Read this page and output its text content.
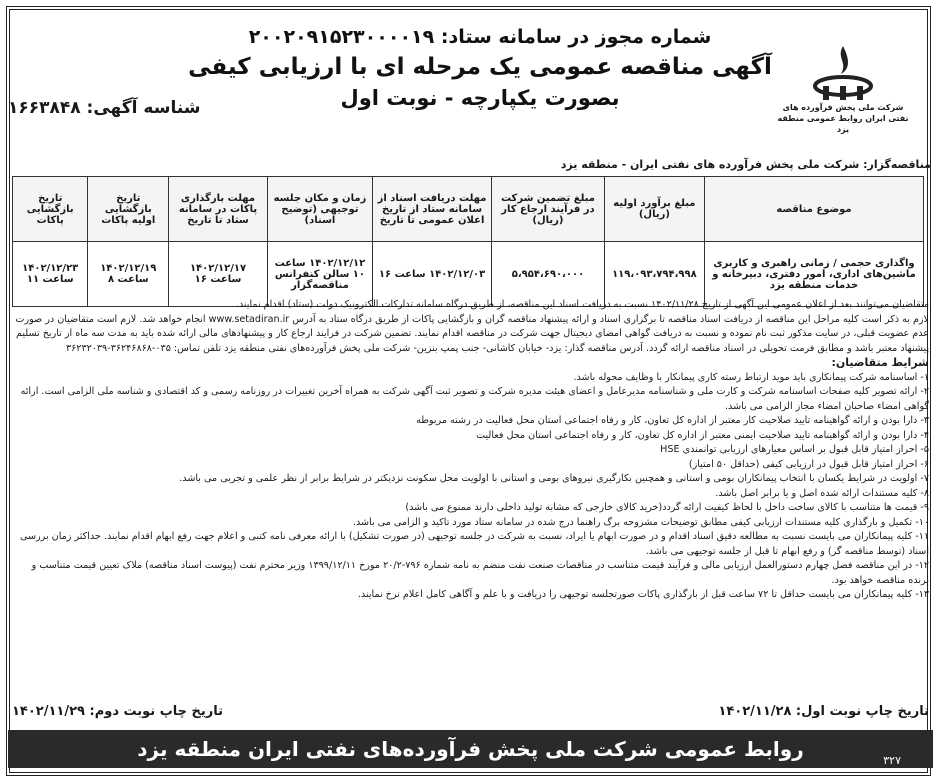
شماره مجوز در سامانه ستاد: ۲۰۰۲۰۹۱۵۲۳۰۰۰۰۱۹
آگهی مناقصه عمومی یک مرحله ای با ارزیابی کیفی
بصورت یکپارچه - نوبت اول
شناسه آگهی: ۱۶۶۳۸۴۸	شرکت ملی پخش فرآورده های نفتی ایران روابط عمومی منطقه یزد
مناقصه‌گزار: شرکت ملی پخش فرآورده های نفتی ایران - منطقه یزد
موضوع مناقصه	مبلغ برآورد اولیه (ریال)	مبلغ تضمین شرکت در فرآیند ارجاع کار (ریال)	مهلت دریافت اسناد از سامانه ستاد از تاریخ اعلان عمومی تا تاریخ	زمان و مکان جلسه توجیهی (توضیح اسناد)	مهلت بارگذاری پاکات در سامانه ستاد تا تاریخ	تاریخ بازگشایی اولیه پاکات	تاریخ بازگشایی پاکات
واگذاری حجمی / زمانی راهبری و کاربری ماشین‌های اداری، امور دفتری، دبیرخانه و خدمات منطقه یزد	۱۱۹،۰۹۳،۷۹۴،۹۹۸	۵،۹۵۴،۶۹۰،۰۰۰	۱۴۰۲/۱۲/۰۳ ساعت ۱۶	۱۴۰۲/۱۲/۱۲ ساعت ۱۰ سالن کنفرانس مناقصه‌گزار	۱۴۰۲/۱۲/۱۷ ساعت ۱۶	۱۴۰۲/۱۲/۱۹ ساعت ۸	۱۴۰۲/۱۲/۲۳ ساعت ۱۱

متقاضیان می‌توانند بعد از اعلان عمومی این آگهی از تاریخ ۱۴۰۲/۱۱/۲۸ نسبت به دریافت اسناد این مناقصه، از طریق درگاه سامانه تدارکات الکترونیک دولت (ستاد) اقدام نمایند.

لازم به ذکر است کلیه مراحل این مناقصه از دریافت اسناد مناقصه تا برگزاری اسناد و ارائه پیشنهاد مناقصه گران و بازگشایی پاکات از طریق درگاه ستاد به آدرس www.setadiran.ir انجام خواهد شد. لازم است متقاضیان در صورت عدم عضویت قبلی، در سایت مذکور ثبت نام نموده و نسبت به دریافت گواهی امضای دیجیتال جهت شرکت در مناقصه اقدام نمایند. تضمین شرکت در فرایند ارجاع کار و پیشنهادهای مالی ارائه شده باید به مدت سه ماه از تاریخ تسلیم پیشنهاد معتبر باشد و مطابق فرمت تحویلی در اسناد مناقصه ارائه گردد. آدرس مناقصه گذار: یزد- خیابان کاشانی- جنب پمپ بنزین- شرکت ملی پخش فرآورده‌های نفتی منطقه یزد تلفن تماس: ۰۳۵-۳۶۲۴۶۸۶۸-۳۶۲۳۲۰۳۹

شرایط متقاضیان:

۱- اساسنامه شرکت پیمانکاری باید موید ارتباط رسته کاری پیمانکار با وظایف محوله باشد.

۲- ارائه تصویر کلیه صفحات اساسنامه شرکت و کارت ملی و شناسنامه مدیرعامل و اعضای هیئت مدیره شرکت و تصویر ثبت آگهی شرکت به همراه آخرین تغییرات در روزنامه رسمی و کد اقتصادی و شناسه ملی الزامی است. ارائه گواهی امضاء صاحبان امضاء مجاز الزامی می باشد.

۳- دارا بودن و ارائه گواهینامه تایید صلاحیت کار معتبر از اداره کل تعاون، کار و رفاه اجتماعی استان محل فعالیت در رشته مربوطه

۴- دارا بودن و ارائه گواهینامه تایید صلاحیت ایمنی معتبر از اداره کل تعاون، کار و رفاه اجتماعی استان محل فعالیت

۵- احراز امتیاز قابل قبول بر اساس معیارهای ارزیابی توانمندی HSE

۶- احراز امتیاز قابل قبول در ارزیابی کیفی (حداقل ۵۰ امتیاز)

۷- اولویت در شرایط یکسان با انتخاب پیمانکاران بومی و استانی و همچنین بکارگیری نیروهای بومی و استانی با اولویت محل سکونت نزدیکتر در شرایط برابر از نظر علمی و تجربی می باشد.

۸- کلیه مستندات ارائه شده اصل و یا برابر اصل باشد.

۹- قیمت ها متناسب با کالای ساخت داخل با لحاظ کیفیت ارائه گردد(خرید کالای خارجی که مشابه تولید داخلی دارند ممنوع می باشد)

۱۰- تکمیل و بارگذاری کلیه مستندات ارزیابی کیفی مطابق توضیحات مشروحه برگ راهنما درج شده در سامانه ستاد مورد تاکید و الزامی می باشد.

۱۱- کلیه پیمانکاران می بایست نسبت به مطالعه دقیق اسناد اقدام و در صورت ابهام یا ایراد، نسبت به شرکت در جلسه توجیهی (در صورت تشکیل) با ارائه معرفی نامه کتبی و اعلام جهت رفع ابهام اقدام نمایند. حداکثر زمان بررسی اسناد (توسط مناقصه گر) و رفع ابهام تا قبل از جلسه توجیهی می باشد.

۱۲- در این مناقصه فصل چهارم دستورالعمل ارزیابی مالی و فرآیند قیمت متناسب در مناقصات صنعت نفت منضم به نامه شماره ۷۹۶-۲۰/۲ مورخ ۱۳۹۹/۱۲/۱۱ وزیر محترم نفت (پیوست اسناد مناقصه) ملاک تعیین قیمت متناسب و برنده مناقصه خواهد بود.

۱۳- کلیه پیمانکاران می بایست حداقل تا ۷۲ ساعت قبل از بارگذاری پاکات صورتجلسه توجیهی را دریافت و با علم و آگاهی کامل اعلام نرخ نمایند.

تاریخ چاپ نوبت اول: ۱۴۰۲/۱۱/۲۸
تاریخ چاپ نوبت دوم: ۱۴۰۲/۱۱/۲۹
روابط عمومی شرکت ملی پخش فرآورده‌های نفتی ایران منطقه یزد	۳۲۷
